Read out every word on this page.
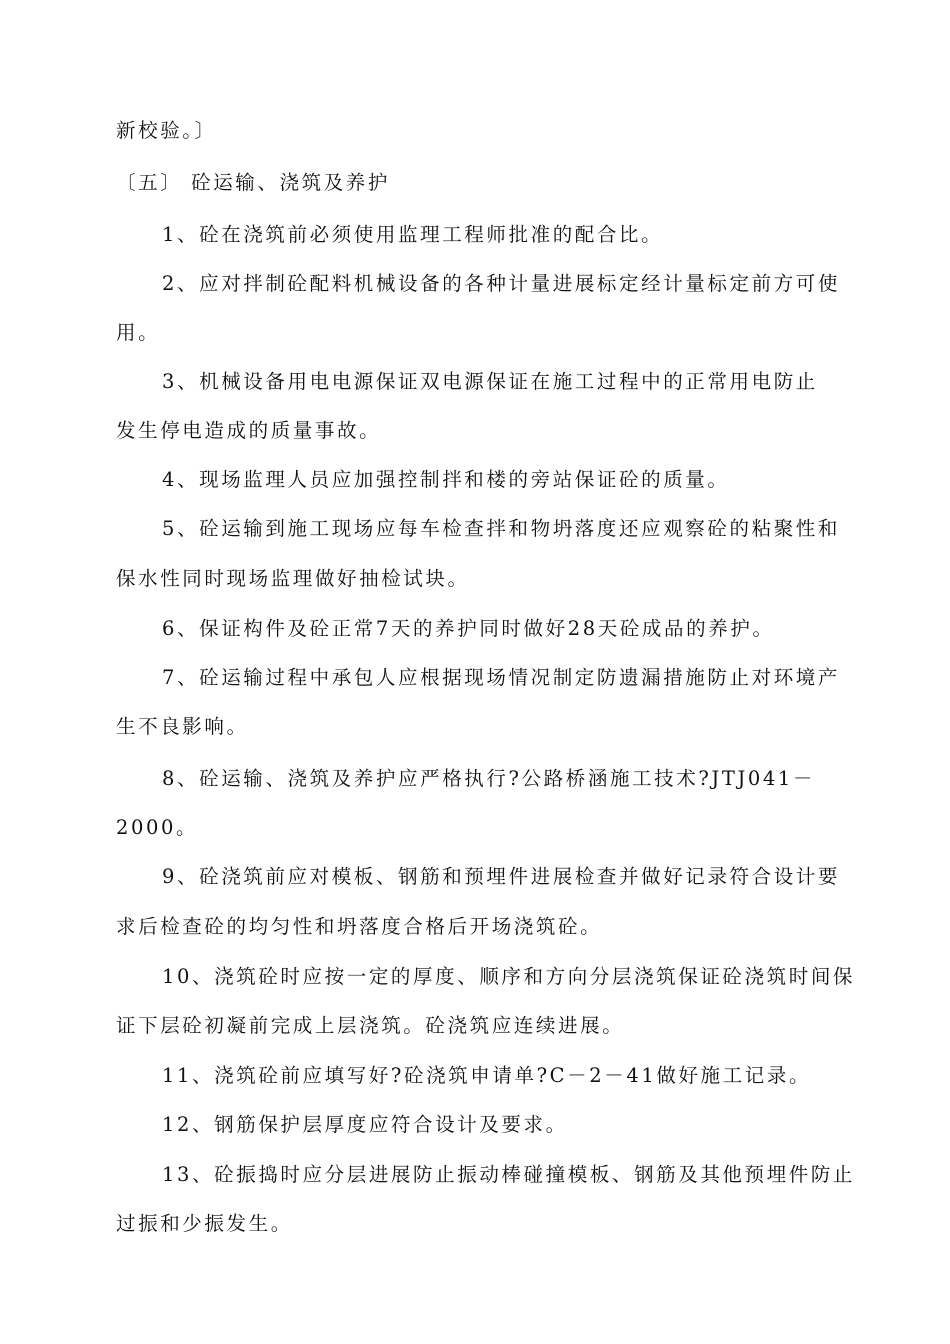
新校验。〕
〔五〕 砼运输、浇筑及养护
1、砼在浇筑前必须使用监理工程师批准的配合比。
2、应对拌制砼配料机械设备的各种计量进展标定经计量标定前方可使
用。
3、机械设备用电电源保证双电源保证在施工过程中的正常用电防止
发生停电造成的质量事故。
4、现场监理人员应加强控制拌和楼的旁站保证砼的质量。
5、砼运输到施工现场应每车检查拌和物坍落度还应观察砼的粘聚性和
保水性同时现场监理做好抽检试块。
6、保证构件及砼正常7天的养护同时做好28天砼成品的养护。
7、砼运输过程中承包人应根据现场情况制定防遗漏措施防止对环境产
生不良影响。
8、砼运输、浇筑及养护应严格执行?公路桥涵施工技术?JTJ041－
2000。
9、砼浇筑前应对模板、钢筋和预埋件进展检查并做好记录符合设计要
求后检查砼的均匀性和坍落度合格后开场浇筑砼。
10、浇筑砼时应按一定的厚度、顺序和方向分层浇筑保证砼浇筑时间保
证下层砼初凝前完成上层浇筑。砼浇筑应连续进展。
11、浇筑砼前应填写好?砼浇筑申请单?C－2－41做好施工记录。
12、钢筋保护层厚度应符合设计及要求。
13、砼振捣时应分层进展防止振动棒碰撞模板、钢筋及其他预埋件防止
过振和少振发生。
